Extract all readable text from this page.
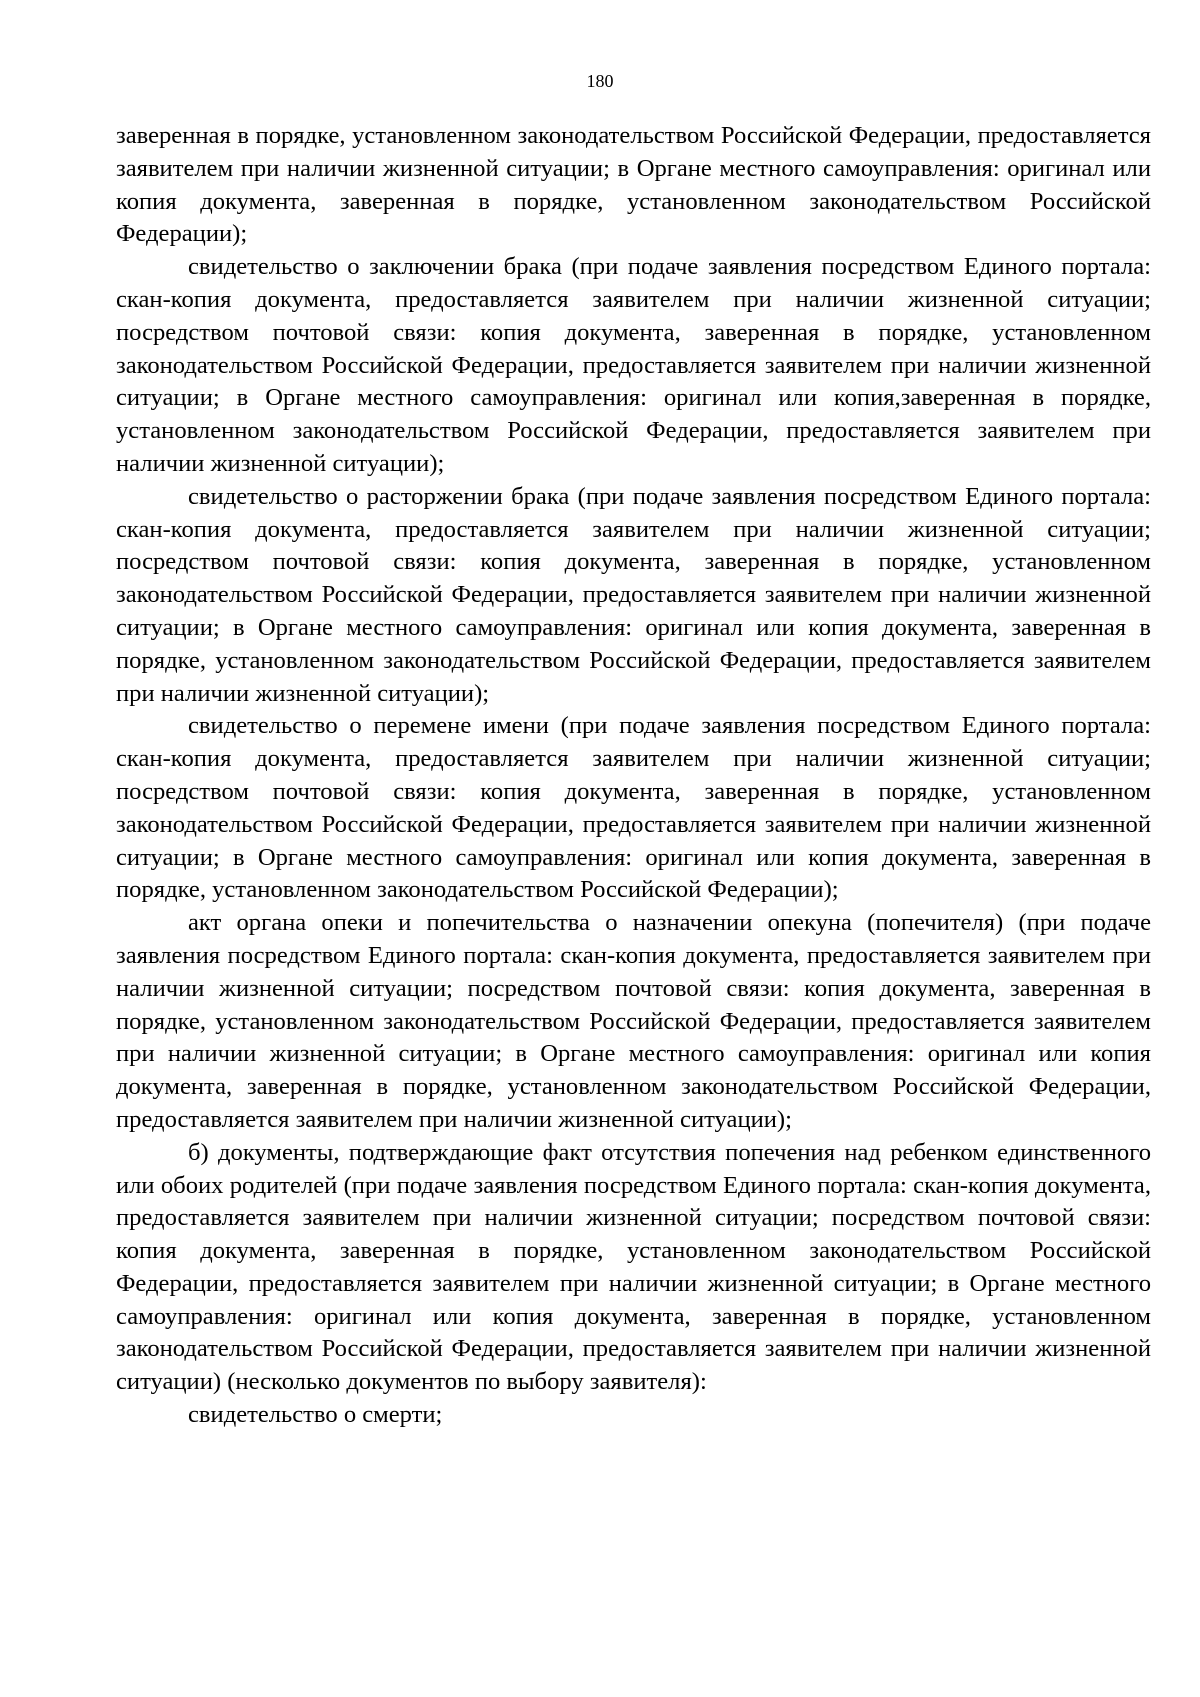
180

заверенная в порядке, установленном законодательством Российской Федерации, предоставляется заявителем при наличии жизненной ситуации; в Органе местного самоуправления: оригинал или копия документа, заверенная в порядке, установленном законодательством Российской Федерации);

свидетельство о заключении брака (при подаче заявления посредством Единого портала: скан-копия документа, предоставляется заявителем при наличии жизненной ситуации; посредством почтовой связи: копия документа, заверенная в порядке, установленном законодательством Российской Федерации, предоставляется заявителем при наличии жизненной ситуации; в Органе местного самоуправления: оригинал или копия,заверенная в порядке, установленном законодательством Российской Федерации, предоставляется заявителем при наличии жизненной ситуации);

свидетельство о расторжении брака (при подаче заявления посредством Единого портала: скан-копия документа, предоставляется заявителем при наличии жизненной ситуации; посредством почтовой связи: копия документа, заверенная в порядке, установленном законодательством Российской Федерации, предоставляется заявителем при наличии жизненной ситуации; в Органе местного самоуправления: оригинал или копия документа, заверенная в порядке, установленном законодательством Российской Федерации, предоставляется заявителем при наличии жизненной ситуации);

свидетельство о перемене имени (при подаче заявления посредством Единого портала: скан-копия документа, предоставляется заявителем при наличии жизненной ситуации; посредством почтовой связи: копия документа, заверенная в порядке, установленном законодательством Российской Федерации, предоставляется заявителем при наличии жизненной ситуации; в Органе местного самоуправления: оригинал или копия документа, заверенная в порядке, установленном законодательством Российской Федерации);

акт органа опеки и попечительства о назначении опекуна (попечителя) (при подаче заявления посредством Единого портала: скан-копия документа, предоставляется заявителем при наличии жизненной ситуации; посредством почтовой связи: копия документа, заверенная в порядке, установленном законодательством Российской Федерации, предоставляется заявителем при наличии жизненной ситуации; в Органе местного самоуправления: оригинал или копия документа, заверенная в порядке, установленном законодательством Российской Федерации, предоставляется заявителем при наличии жизненной ситуации);

б) документы, подтверждающие факт отсутствия попечения над ребенком единственного или обоих родителей (при подаче заявления посредством Единого портала: скан-копия документа, предоставляется заявителем при наличии жизненной ситуации; посредством почтовой связи: копия документа, заверенная в порядке, установленном законодательством Российской Федерации, предоставляется заявителем при наличии жизненной ситуации; в Органе местного самоуправления: оригинал или копия документа, заверенная в порядке, установленном законодательством Российской Федерации, предоставляется заявителем при наличии жизненной ситуации) (несколько документов по выбору заявителя):

свидетельство о смерти;
